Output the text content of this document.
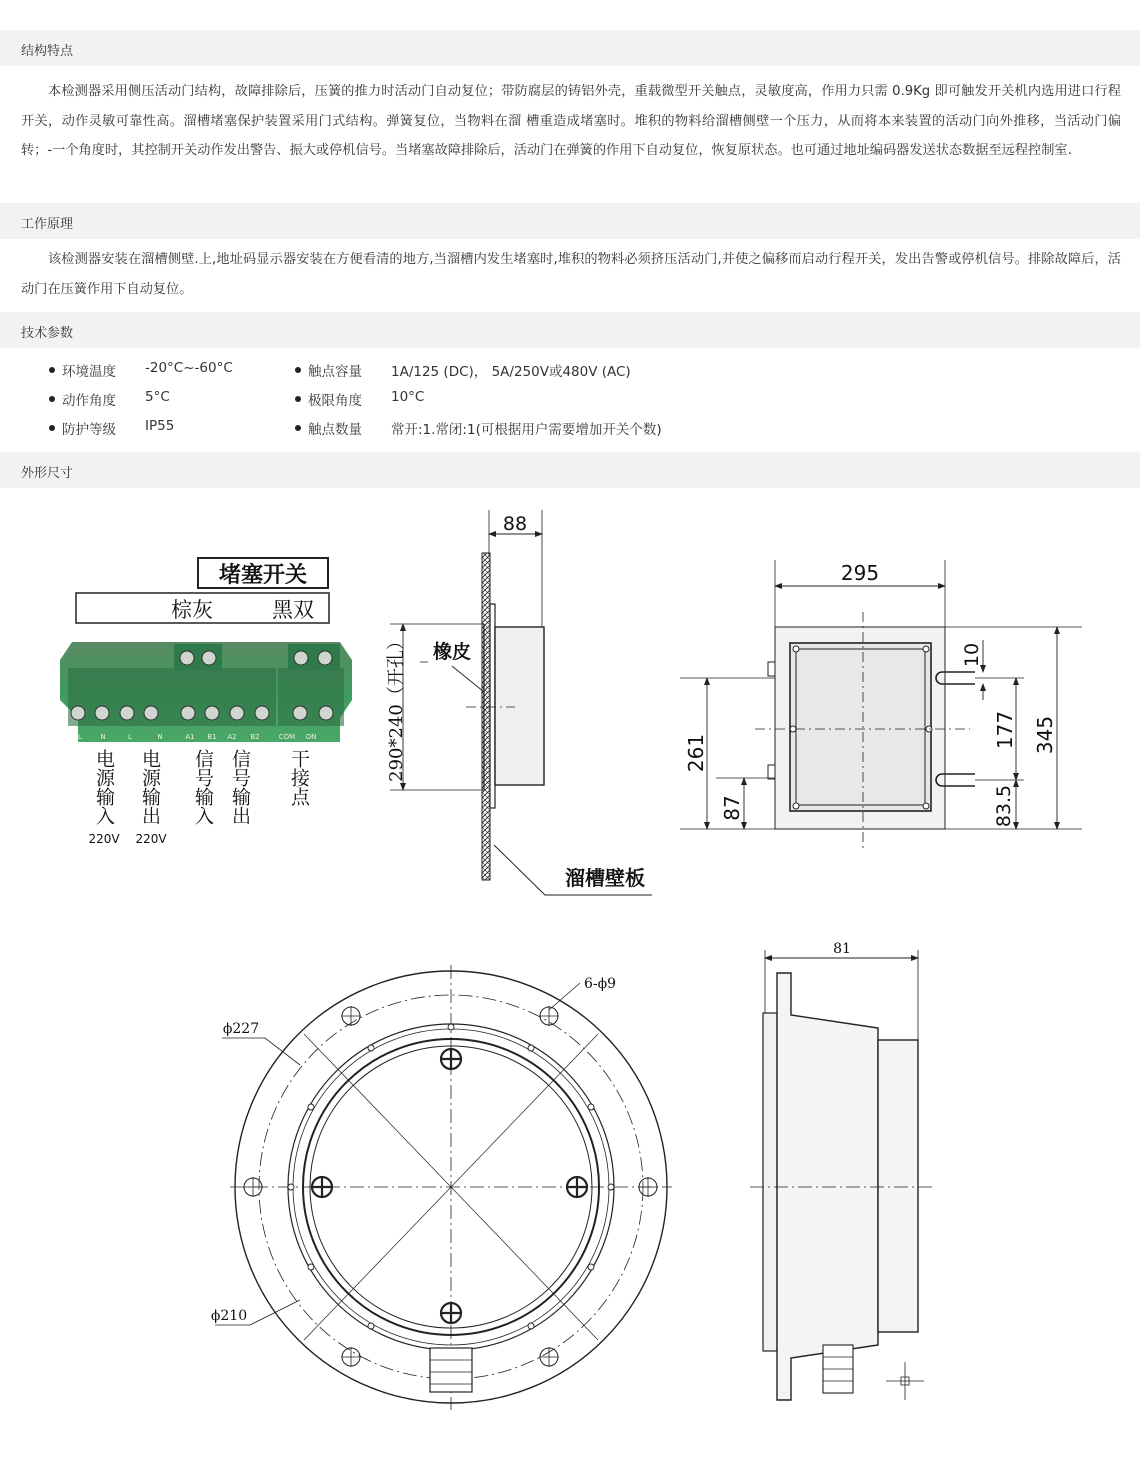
结构特点
本检测器采用侧压活动门结构，故障排除后，压簧的推力时活动门自动复位；带防腐层的铸铝外壳，重载微型开关触点，灵敏度高，作用力只需 0.9Kg 即可触发开关机内选用进口行程开关，动作灵敏可靠性高。溜槽堵塞保护装置采用门式结构。弹簧复位，当物料在溜 槽重造成堵塞时。堆积的物料给溜槽侧壁一个压力，从而将本来装置的活动门向外推移，当活动门偏转；-一个角度时，其控制开关动作发出警告、振大或停机信号。当堵塞故障排除后，活动门在弹簧的作用下自动复位，恢复原状态。也可通过地址编码器发送状态数据至远程控制室.
工作原理
该检测器安装在溜槽侧壁.上,地址码显示器安装在方便看清的地方,当溜槽内发生堵塞时,堆积的物料必须挤压活动门,并使之偏移而启动行程开关，发出告警或停机信号。排除故障后，活动门在压簧作用下自动复位。
技术参数
环境温度 -20°C~-60°C	触点容量 1A/125 (DC)， 5A/250V或480V (AC)
动作角度 5°C	极限角度 10°C
防护等级 IP55	触点数量 常开:1.常闭:1(可根据用户需要增加开关个数)
外形尺寸
堵塞开关
棕灰	黑双
L	N	L	N	A1 B1 A2 B2	COM ON
电源输入 电源输出 信号输入 信号输出 干接点
220V 220V
88
橡皮
290*240（开孔）
溜槽壁板
295
345
261
87
10
177
83.5
6-ϕ9
ϕ227
ϕ210
81
